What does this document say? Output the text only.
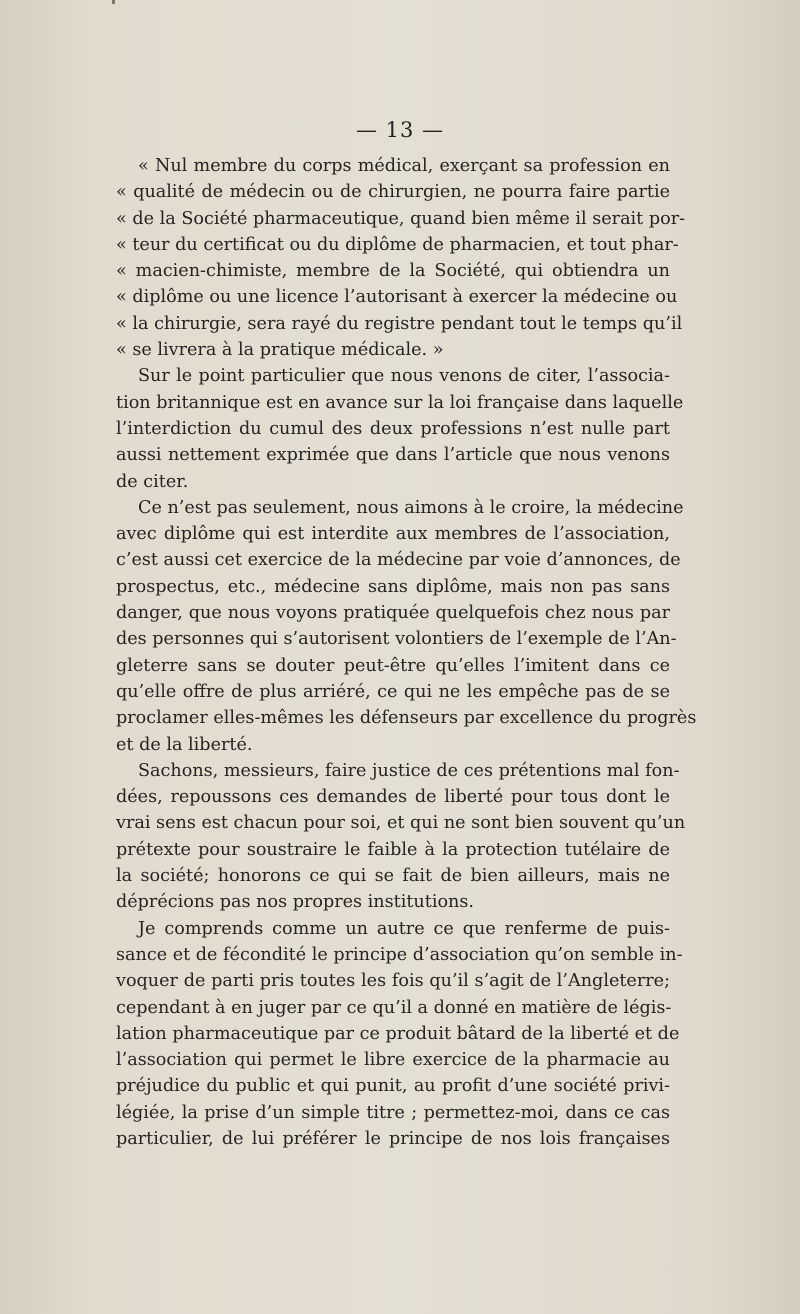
— 13 —
« Nul membre du corps médical, exerçant sa profession en
« qualité de médecin ou de chirurgien, ne pourra faire partie
« de la Société pharmaceutique, quand bien même il serait por-
« teur du certificat ou du diplôme de pharmacien, et tout phar-
« macien-chimiste, membre de la Société, qui obtiendra un
« diplôme ou une licence l’autorisant à exercer la médecine ou
« la chirurgie, sera rayé du registre pendant tout le temps qu’il
« se livrera à la pratique médicale. »
Sur le point particulier que nous venons de citer, l’associa-
tion britannique est en avance sur la loi française dans laquelle
l’interdiction du cumul des deux professions n’est nulle part
aussi nettement exprimée que dans l’article que nous venons
de citer.
Ce n’est pas seulement, nous aimons à le croire, la médecine
avec diplôme qui est interdite aux membres de l’association,
c’est aussi cet exercice de la médecine par voie d’annonces, de
prospectus, etc., médecine sans diplôme, mais non pas sans
danger, que nous voyons pratiquée quelquefois chez nous par
des personnes qui s’autorisent volontiers de l’exemple de l’An-
gleterre sans se douter peut-être qu’elles l’imitent dans ce
qu’elle offre de plus arriéré, ce qui ne les empêche pas de se
proclamer elles-mêmes les défenseurs par excellence du progrès
et de la liberté.
Sachons, messieurs, faire justice de ces prétentions mal fon-
dées, repoussons ces demandes de liberté pour tous dont le
vrai sens est chacun pour soi, et qui ne sont bien souvent qu’un
prétexte pour soustraire le faible à la protection tutélaire de
la société; honorons ce qui se fait de bien ailleurs, mais ne
déprécions pas nos propres institutions.
Je comprends comme un autre ce que renferme de puis-
sance et de fécondité le principe d’association qu’on semble in-
voquer de parti pris toutes les fois qu’il s’agit de l’Angleterre;
cependant à en juger par ce qu’il a donné en matière de légis-
lation pharmaceutique par ce produit bâtard de la liberté et de
l’association qui permet le libre exercice de la pharmacie au
préjudice du public et qui punit, au profit d’une société privi-
légiée, la prise d’un simple titre ; permettez-moi, dans ce cas
particulier, de lui préférer le principe de nos lois françaises
